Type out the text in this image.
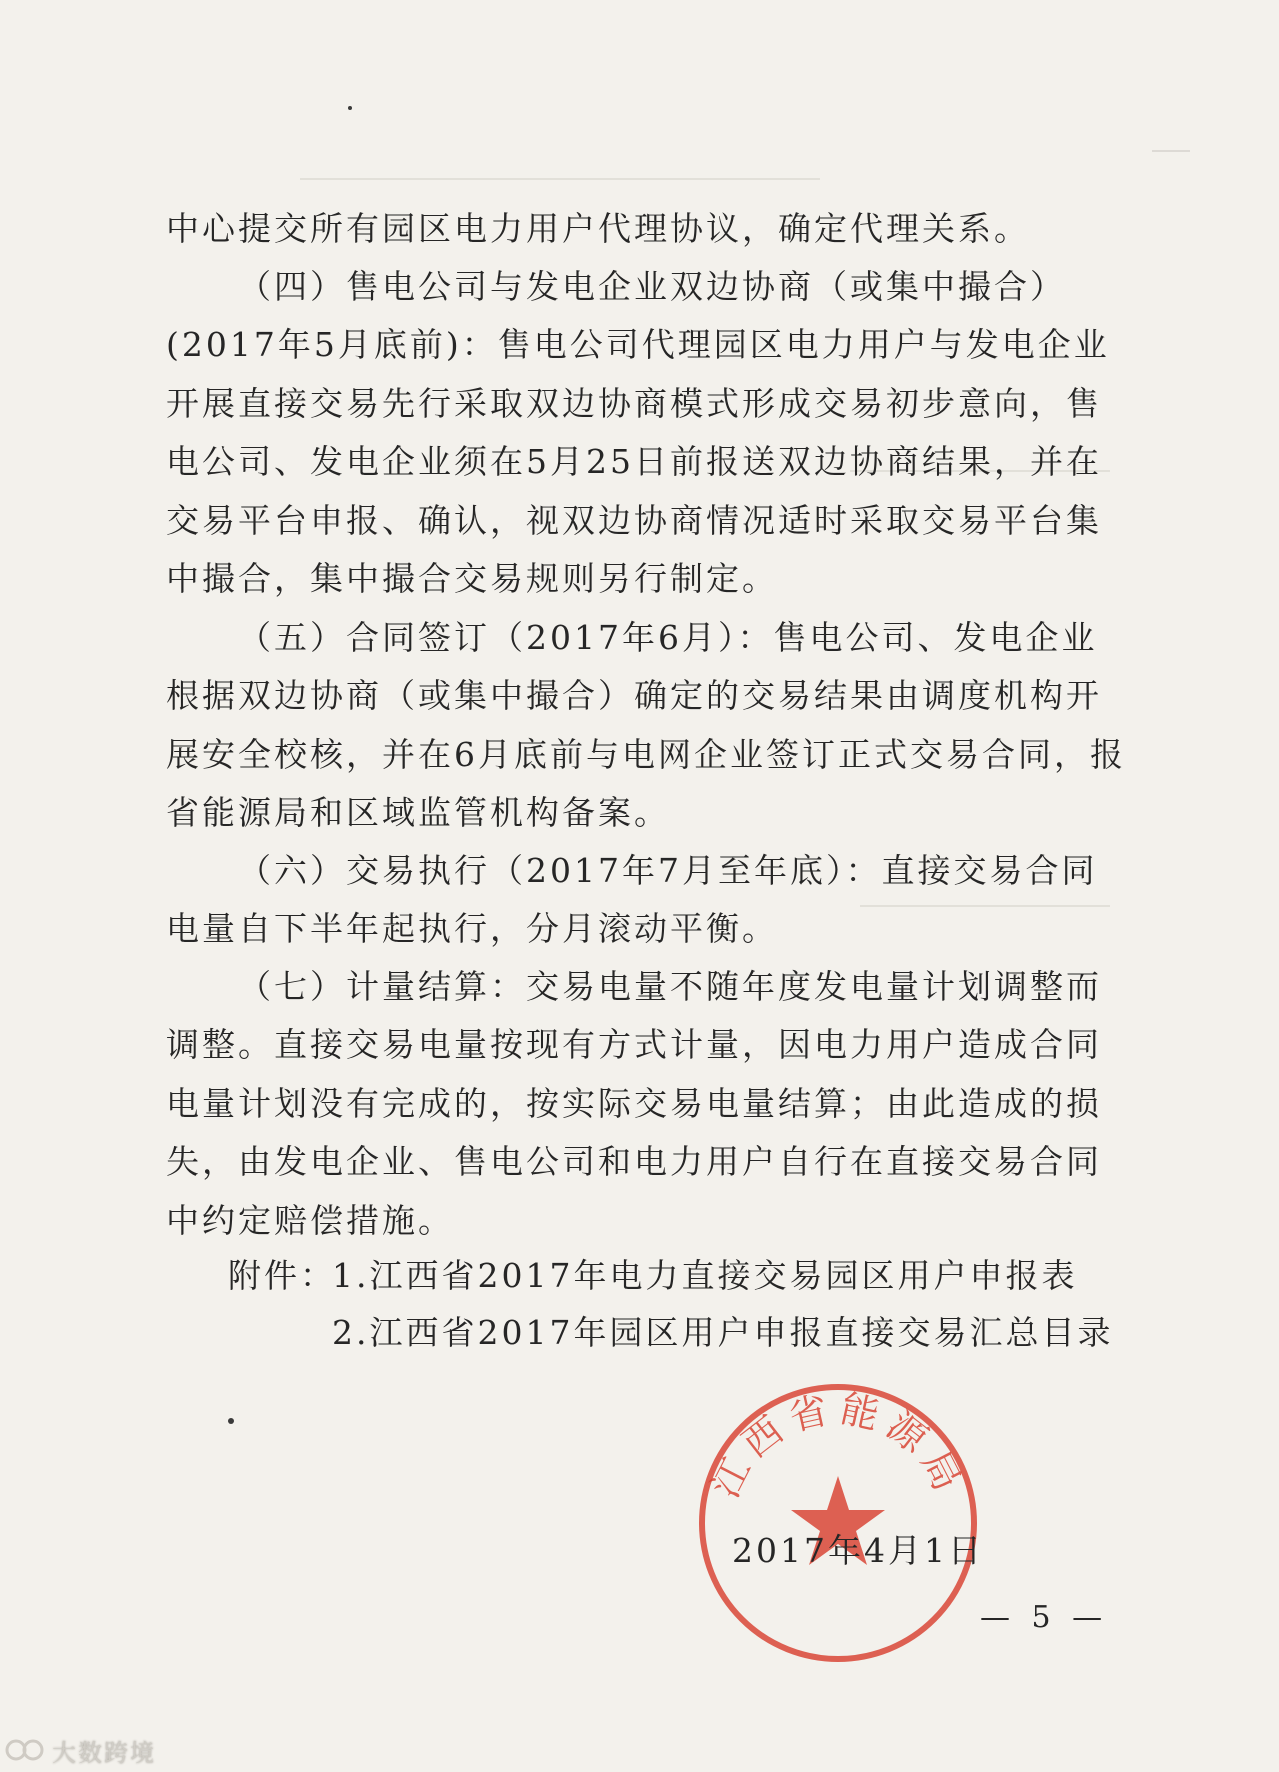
中心提交所有园区电力用户代理协议，确定代理关系。

（四）售电公司与发电企业双边协商（或集中撮合）(2017年5月底前)：售电公司代理园区电力用户与发电企业开展直接交易先行采取双边协商模式形成交易初步意向，售电公司、发电企业须在5月25日前报送双边协商结果，并在交易平台申报、确认，视双边协商情况适时采取交易平台集中撮合，集中撮合交易规则另行制定。

（五）合同签订（2017年6月）：售电公司、发电企业根据双边协商（或集中撮合）确定的交易结果由调度机构开展安全校核，并在6月底前与电网企业签订正式交易合同，报省能源局和区域监管机构备案。

（六）交易执行（2017年7月至年底）：直接交易合同电量自下半年起执行，分月滚动平衡。

（七）计量结算：交易电量不随年度发电量计划调整而调整。直接交易电量按现有方式计量，因电力用户造成合同电量计划没有完成的，按实际交易电量结算；由此造成的损失，由发电企业、售电公司和电力用户自行在直接交易合同中约定赔偿措施。

附件：

1.江西省2017年电力直接交易园区用户申报表

2.江西省2017年园区用户申报直接交易汇总目录

江西省能源局

2017年4月1日

— 5 —

大数跨境
